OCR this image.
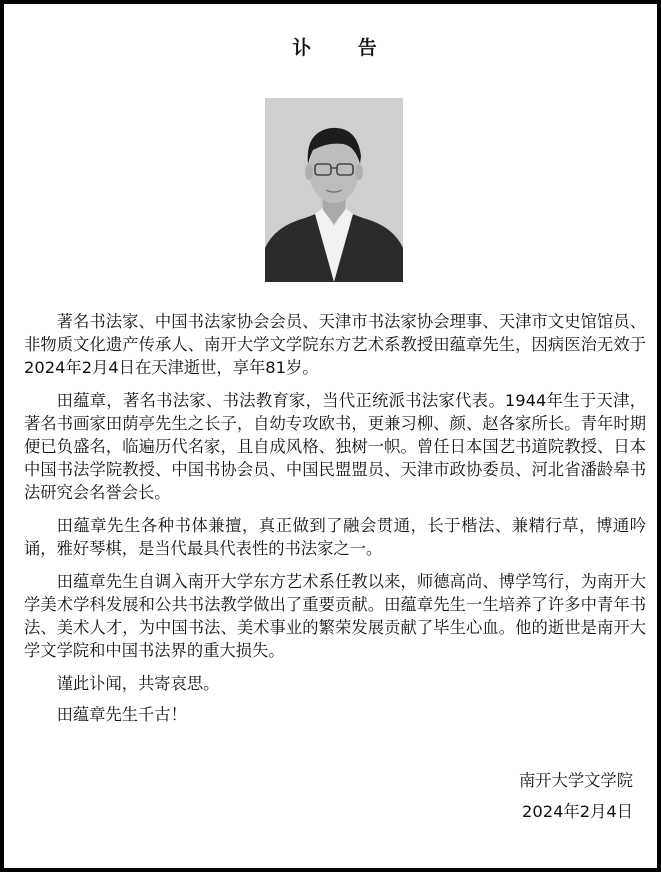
讣 告

著名书法家、中国书法家协会会员、天津市书法家协会理事、天津市文史馆馆员、非物质文化遗产传承人、南开大学文学院东方艺术系教授田蕴章先生，因病医治无效于2024年2月4日在天津逝世，享年81岁。

田蕴章，著名书法家、书法教育家，当代正统派书法家代表。1944年生于天津，著名书画家田荫亭先生之长子，自幼专攻欧书，更兼习柳、颜、赵各家所长。青年时期便已负盛名，临遍历代名家，且自成风格、独树一帜。曾任日本国艺书道院教授、日本中国书法学院教授、中国书协会员、中国民盟盟员、天津市政协委员、河北省潘龄皋书法研究会名誉会长。

田蕴章先生各种书体兼擅，真正做到了融会贯通，长于楷法、兼精行草，博通吟诵，雅好琴棋，是当代最具代表性的书法家之一。

田蕴章先生自调入南开大学东方艺术系任教以来，师德高尚、博学笃行，为南开大学美术学科发展和公共书法教学做出了重要贡献。田蕴章先生一生培养了许多中青年书法、美术人才，为中国书法、美术事业的繁荣发展贡献了毕生心血。他的逝世是南开大学文学院和中国书法界的重大损失。

谨此讣闻，共寄哀思。

田蕴章先生千古！

南开大学文学院
2024年2月4日
